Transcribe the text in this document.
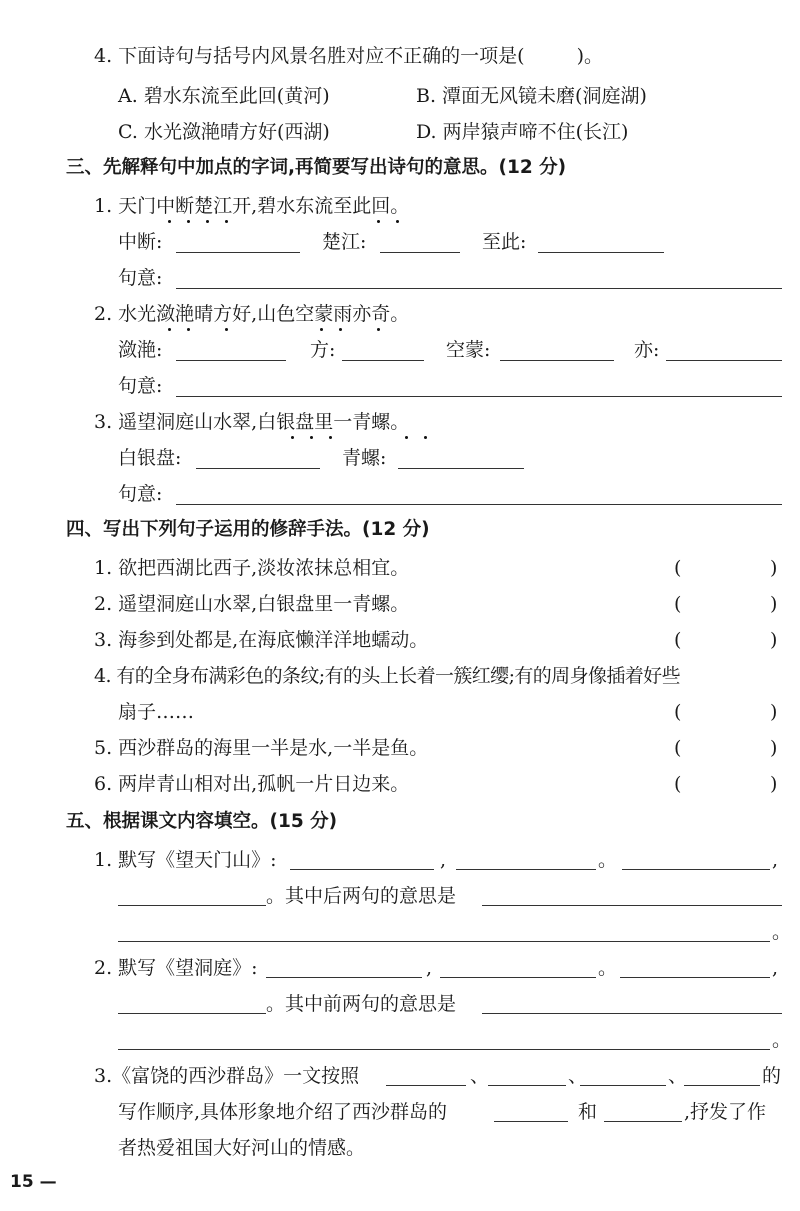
4. 下面诗句与括号内风景名胜对应不正确的一项是(	)。
A. 碧水东流至此回(黄河)	B. 潭面无风镜未磨(洞庭湖)
C. 水光潋滟晴方好(西湖)	D. 两岸猿声啼不住(长江)
三、先解释句中加点的字词,再简要写出诗句的意思。(12 分)
1. 天门中断楚江开,碧水东流至此回。
中断:	楚江:	至此:
句意:
2. 水光潋滟晴方好,山色空蒙雨亦奇。
潋滟:	方:	空蒙:	亦:
句意:
3. 遥望洞庭山水翠,白银盘里一青螺。
白银盘:	青螺:
句意:
四、写出下列句子运用的修辞手法。(12 分)
1. 欲把西湖比西子,淡妆浓抹总相宜。	(	)
2. 遥望洞庭山水翠,白银盘里一青螺。	(	)
3. 海参到处都是,在海底懒洋洋地蠕动。	(	)
4. 有的全身布满彩色的条纹;有的头上长着一簇红缨;有的周身像插着好些
扇子……	(	)
5. 西沙群岛的海里一半是水,一半是鱼。	(	)
6. 两岸青山相对出,孤帆一片日边来。	(	)
五、根据课文内容填空。(15 分)
1. 默写《望天门山》:	,	。	,
。其中后两句的意思是
。
2. 默写《望洞庭》:	,	。	,
。其中前两句的意思是
。
3.《富饶的西沙群岛》一文按照	、	、	、	的
写作顺序,具体形象地介绍了西沙群岛的	和	,抒发了作
者热爱祖国大好河山的情感。
15 —
